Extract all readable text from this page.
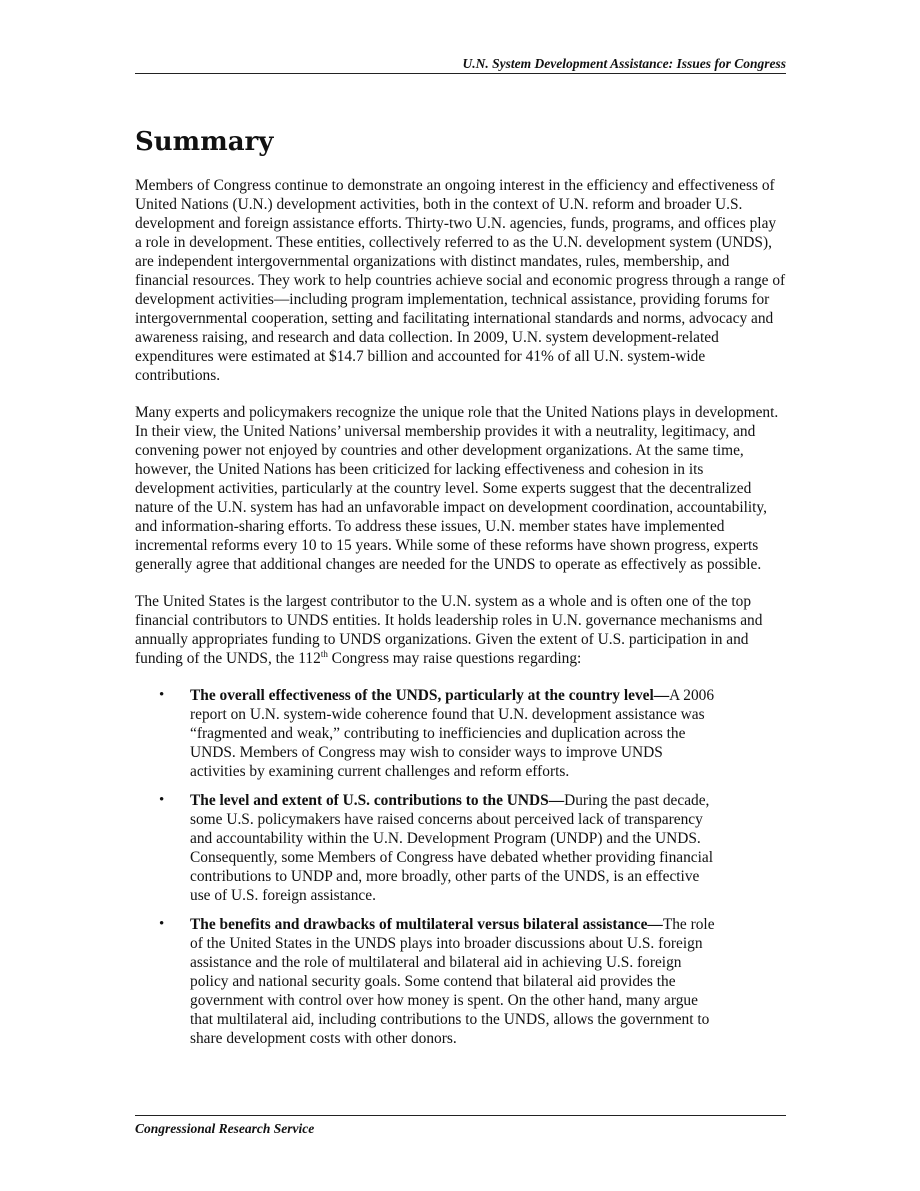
U.N. System Development Assistance: Issues for Congress
Summary

Members of Congress continue to demonstrate an ongoing interest in the efficiency and effectiveness of United Nations (U.N.) development activities, both in the context of U.N. reform and broader U.S. development and foreign assistance efforts. Thirty-two U.N. agencies, funds, programs, and offices play a role in development. These entities, collectively referred to as the U.N. development system (UNDS), are independent intergovernmental organizations with distinct mandates, rules, membership, and financial resources. They work to help countries achieve social and economic progress through a range of development activities—including program implementation, technical assistance, providing forums for intergovernmental cooperation, setting and facilitating international standards and norms, advocacy and awareness raising, and research and data collection. In 2009, U.N. system development-related expenditures were estimated at $14.7 billion and accounted for 41% of all U.N. system-wide contributions.

Many experts and policymakers recognize the unique role that the United Nations plays in development. In their view, the United Nations’ universal membership provides it with a neutrality, legitimacy, and convening power not enjoyed by countries and other development organizations. At the same time, however, the United Nations has been criticized for lacking effectiveness and cohesion in its development activities, particularly at the country level. Some experts suggest that the decentralized nature of the U.N. system has had an unfavorable impact on development coordination, accountability, and information-sharing efforts. To address these issues, U.N. member states have implemented incremental reforms every 10 to 15 years. While some of these reforms have shown progress, experts generally agree that additional changes are needed for the UNDS to operate as effectively as possible.

The United States is the largest contributor to the U.N. system as a whole and is often one of the top financial contributors to UNDS entities. It holds leadership roles in U.N. governance mechanisms and annually appropriates funding to UNDS organizations. Given the extent of U.S. participation in and funding of the UNDS, the 112th Congress may raise questions regarding:

• The overall effectiveness of the UNDS, particularly at the country level—A 2006 report on U.N. system-wide coherence found that U.N. development assistance was “fragmented and weak,” contributing to inefficiencies and duplication across the UNDS. Members of Congress may wish to consider ways to improve UNDS activities by examining current challenges and reform efforts.
• The level and extent of U.S. contributions to the UNDS—During the past decade, some U.S. policymakers have raised concerns about perceived lack of transparency and accountability within the U.N. Development Program (UNDP) and the UNDS. Consequently, some Members of Congress have debated whether providing financial contributions to UNDP and, more broadly, other parts of the UNDS, is an effective use of U.S. foreign assistance.
• The benefits and drawbacks of multilateral versus bilateral assistance—The role of the United States in the UNDS plays into broader discussions about U.S. foreign assistance and the role of multilateral and bilateral aid in achieving U.S. foreign policy and national security goals. Some contend that bilateral aid provides the government with control over how money is spent. On the other hand, many argue that multilateral aid, including contributions to the UNDS, allows the government to share development costs with other donors.
Congressional Research Service
